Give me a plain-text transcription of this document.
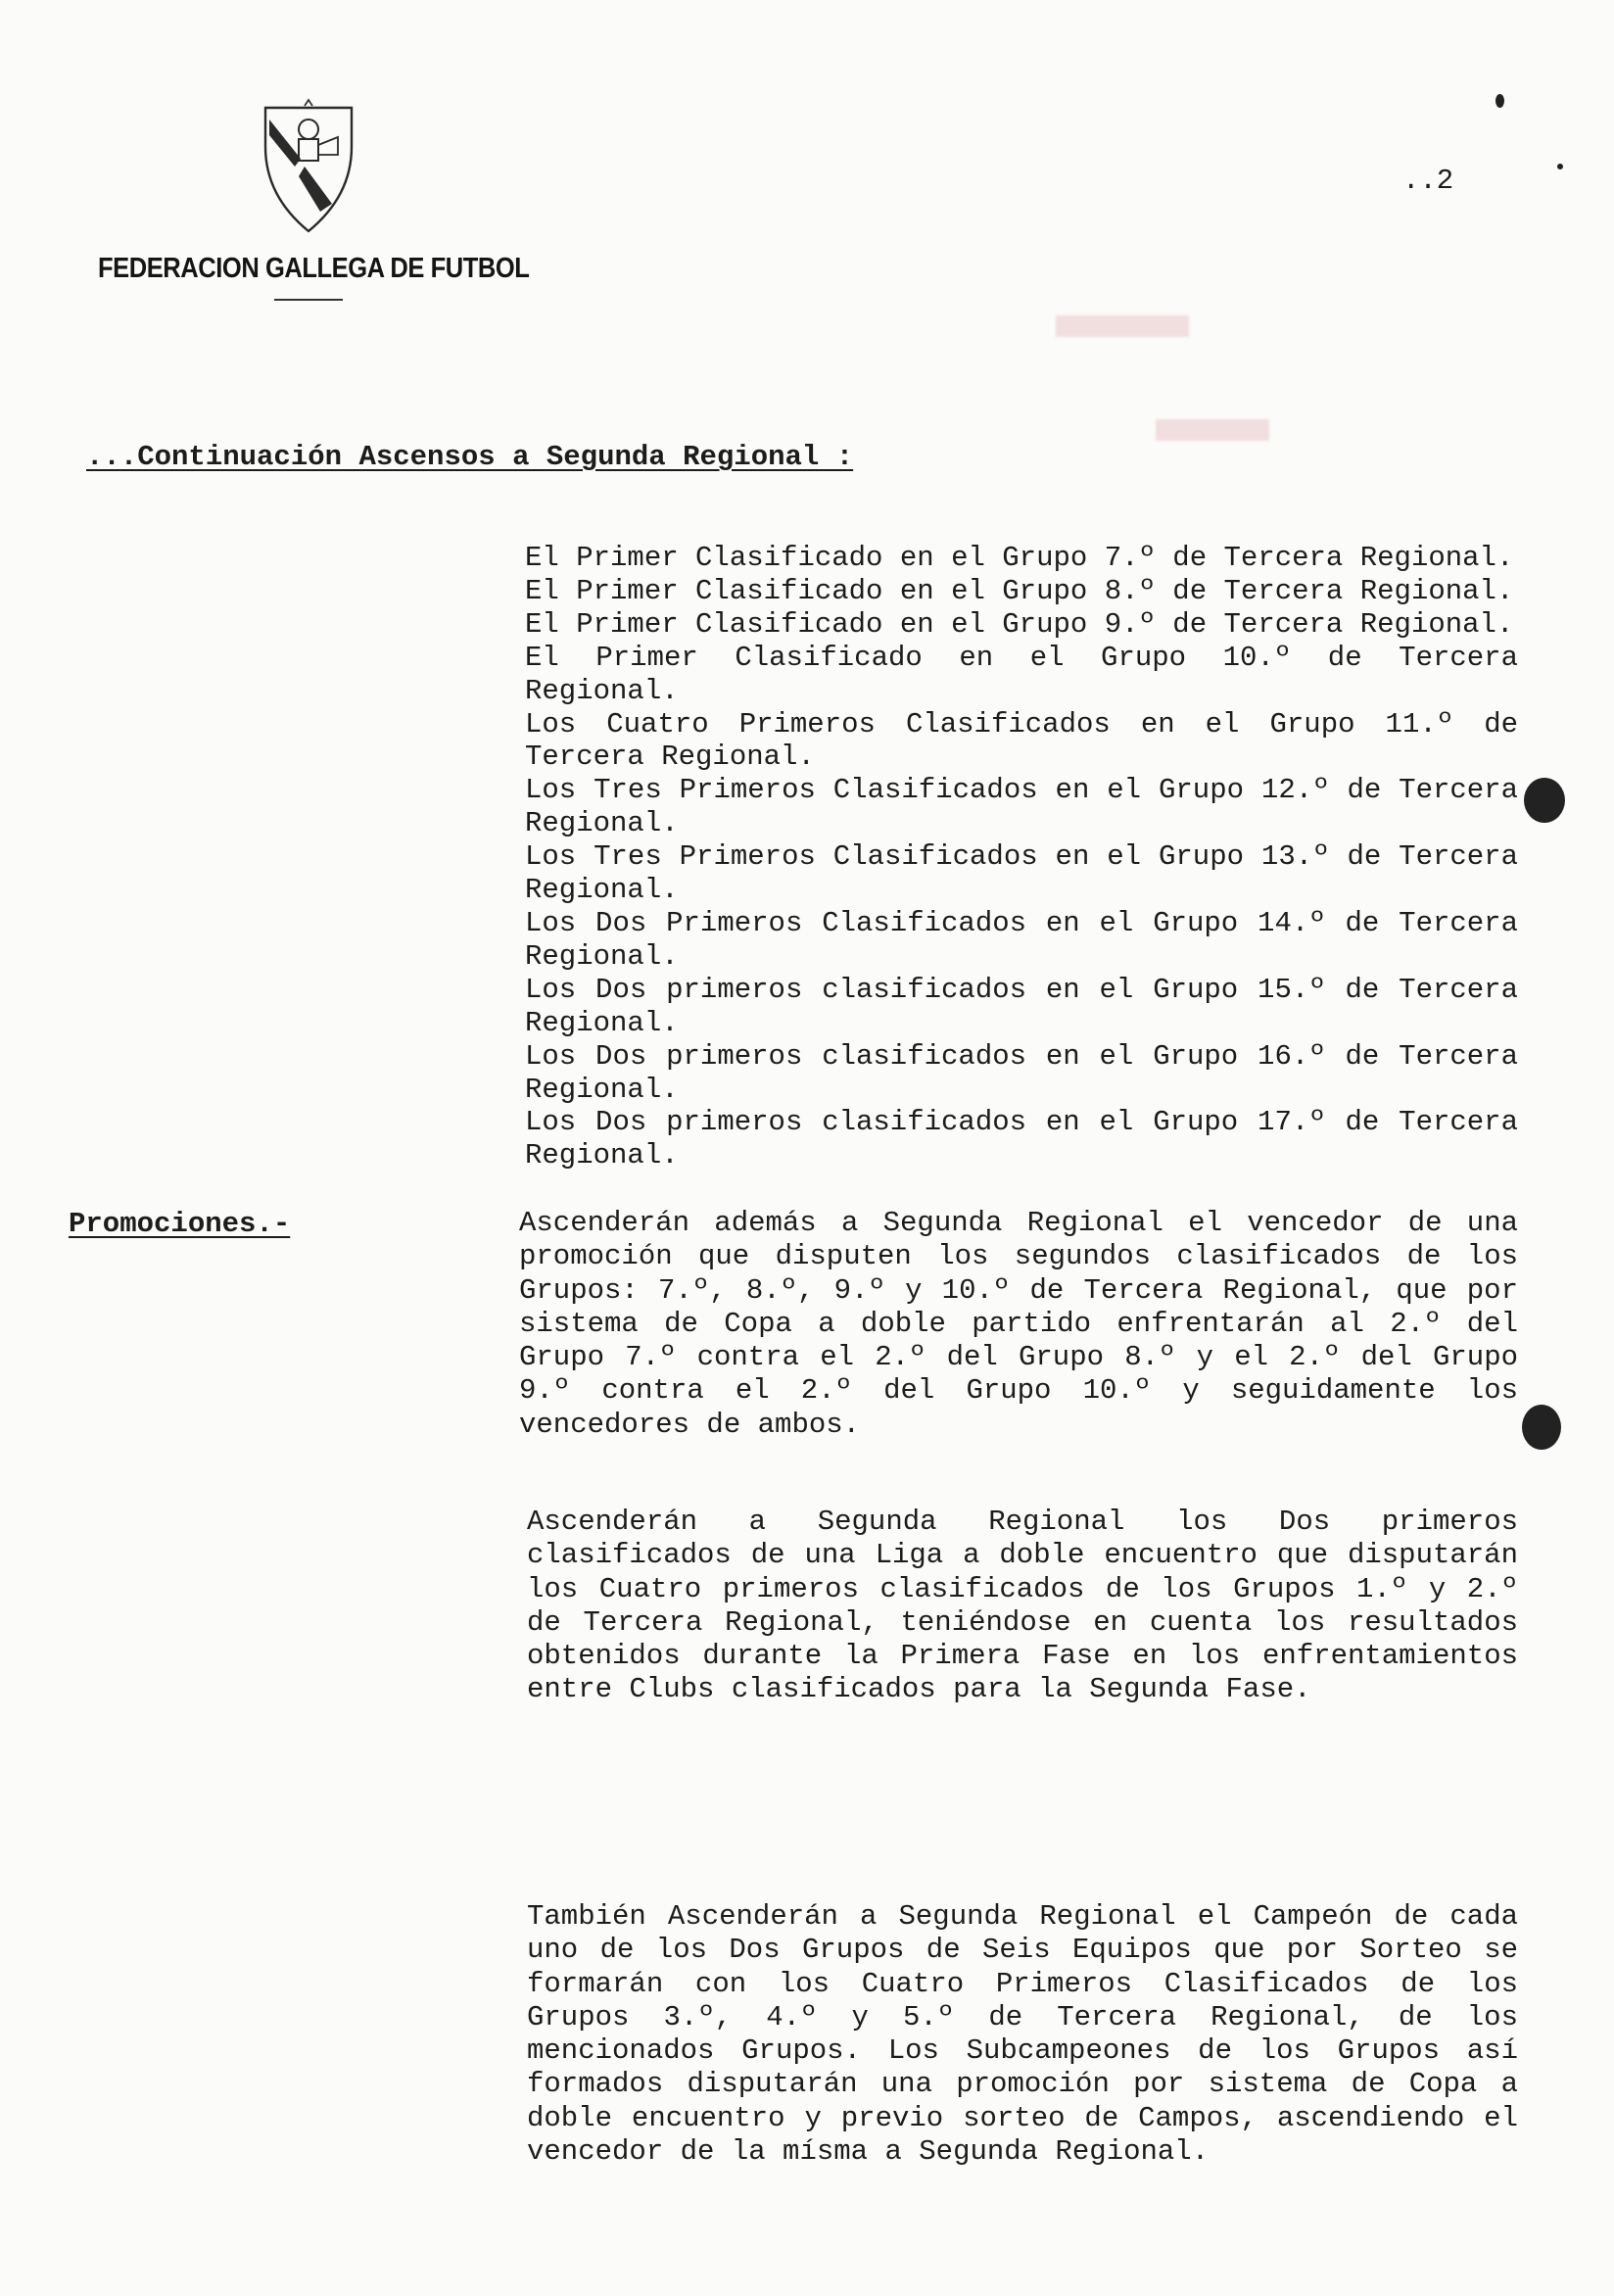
FEDERACION GALLEGA DE FUTBOL
..2
...Continuación Ascensos a Segunda Regional :
El Primer Clasificado en el Grupo 7.º de Tercera Regional.
El Primer Clasificado en el Grupo 8.º de Tercera Regional.
El Primer Clasificado en el Grupo 9.º de Tercera Regional.
El Primer Clasificado en el Grupo 10.º de Tercera Regional.
Los Cuatro Primeros Clasificados en el Grupo 11.º de Tercera Regional.
Los Tres Primeros Clasificados en el Grupo 12.º de Tercera Regional.
Los Tres Primeros Clasificados en el Grupo 13.º de Tercera Regional.
Los Dos Primeros Clasificados en el Grupo 14.º de Tercera Regional.
Los Dos primeros clasificados en el Grupo 15.º de Tercera Regional.
Los Dos primeros clasificados en el Grupo 16.º de Tercera Regional.
Los Dos primeros clasificados en el Grupo 17.º de Tercera Regional.
Promociones.-	Ascenderán además a Segunda Regional el vencedor de una promoción que disputen los segundos clasificados de los Grupos: 7.º, 8.º, 9.º y 10.º de Tercera Regional, que por sistema de Copa a doble partido enfrentarán al 2.º del Grupo 7.º contra el 2.º del Grupo 8.º y el 2.º del Grupo 9.º contra el 2.º del Grupo 10.º y seguidamente los vencedores de ambos.
Ascenderán a Segunda Regional los Dos primeros clasificados de una Liga a doble encuentro que disputarán los Cuatro primeros clasificados de los Grupos 1.º y 2.º de Tercera Regional, teniéndose en cuenta los resultados obtenidos durante la Primera Fase en los enfrentamientos entre Clubs clasificados para la Segunda Fase.
También Ascenderán a Segunda Regional el Campeón de cada uno de los Dos Grupos de Seis Equipos que por Sorteo se formarán con los Cuatro Primeros Clasificados de los Grupos 3.º, 4.º y 5.º de Tercera Regional, de los mencionados Grupos. Los Subcampeones de los Grupos así formados disputarán una promoción por sistema de Copa a doble encuentro y previo sorteo de Campos, ascendiendo el vencedor de la mísma a Segunda Regional.
